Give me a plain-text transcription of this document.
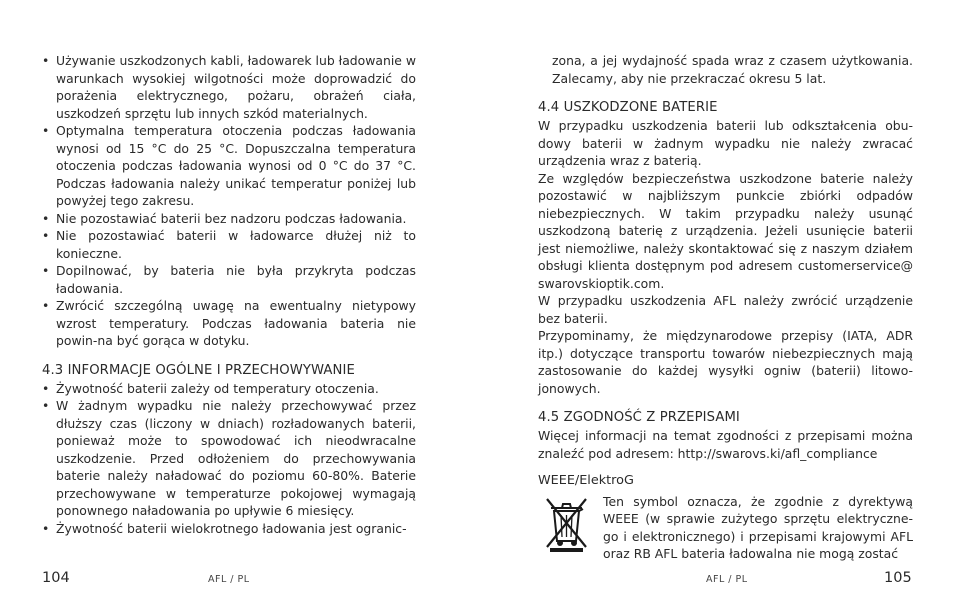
• Używanie uszkodzonych kabli, ładowarek lub ładowanie w warunkach wysokiej wilgotności może doprowadzić do porażenia elektrycznego, pożaru, obrażeń ciała, uszkodzeń sprzętu lub innych szkód materialnych.
• Optymalna temperatura otoczenia podczas ładowania wynosi od 15 °C do 25 °C. Dopuszczalna temperatura otoczenia podczas ładowania wynosi od 0 °C do 37 °C. Podczas ładowania należy unikać temperatur poniżej lub powyżej tego zakresu.
• Nie pozostawiać baterii bez nadzoru podczas ładowania.
• Nie pozostawiać baterii w ładowarce dłużej niż to konieczne.
• Dopilnować, by bateria nie była przykryta podczas ładowania.
• Zwrócić szczególną uwagę na ewentualny nietypowy wzrost temperatury. Podczas ładowania bateria nie powin-na być gorąca w dotyku.
4.3 INFORMACJE OGÓLNE I PRZECHOWYWANIE
• Żywotność baterii zależy od temperatury otoczenia.
• W żadnym wypadku nie należy przechowywać przez dłuższy czas (liczony w dniach) rozładowanych baterii, ponieważ może to spowodować ich nieodwracalne uszkodzenie. Przed odłożeniem do przechowywania baterie należy naładować do poziomu 60-80%. Baterie przechowywane w temperaturze pokojowej wymagają ponownego naładowania po upływie 6 miesięcy.
• Żywotność baterii wielokrotnego ładowania jest ogranic-
104	AFL / PL

zona, a jej wydajność spada wraz z czasem użytkowania. Zalecamy, aby nie przekraczać okresu 5 lat.

4.4 USZKODZONE BATERIE

W przypadku uszkodzenia baterii lub odkształcenia obu-dowy baterii w żadnym wypadku nie należy zwracać urządzenia wraz z baterią.

Ze względów bezpieczeństwa uszkodzone baterie należy pozostawić w najbliższym punkcie zbiórki odpadów niebezpiecznych. W takim przypadku należy usunąć uszkodzoną baterię z urządzenia. Jeżeli usunięcie baterii jest niemożliwe, należy skontaktować się z naszym działem obsługi klienta dostępnym pod adresem customerservice@ swarovskioptik.com.

W przypadku uszkodzenia AFL należy zwrócić urządzenie bez baterii.

Przypominamy, że międzynarodowe przepisy (IATA, ADR itp.) dotyczące transportu towarów niebezpiecznych mają zastosowanie do każdej wysyłki ogniw (baterii) litowo-jonowych.

4.5 ZGODNOŚĆ Z PRZEPISAMI

Więcej informacji na temat zgodności z przepisami można znaleźć pod adresem: http://swarovs.ki/afl_compliance

WEEE/ElektroG

Ten symbol oznacza, że zgodnie z dyrektywą WEEE (w sprawie zużytego sprzętu elektryczne-go i elektronicznego) i przepisami krajowymi AFL oraz RB AFL bateria ładowalna nie mogą zostać

AFL / PL	105
